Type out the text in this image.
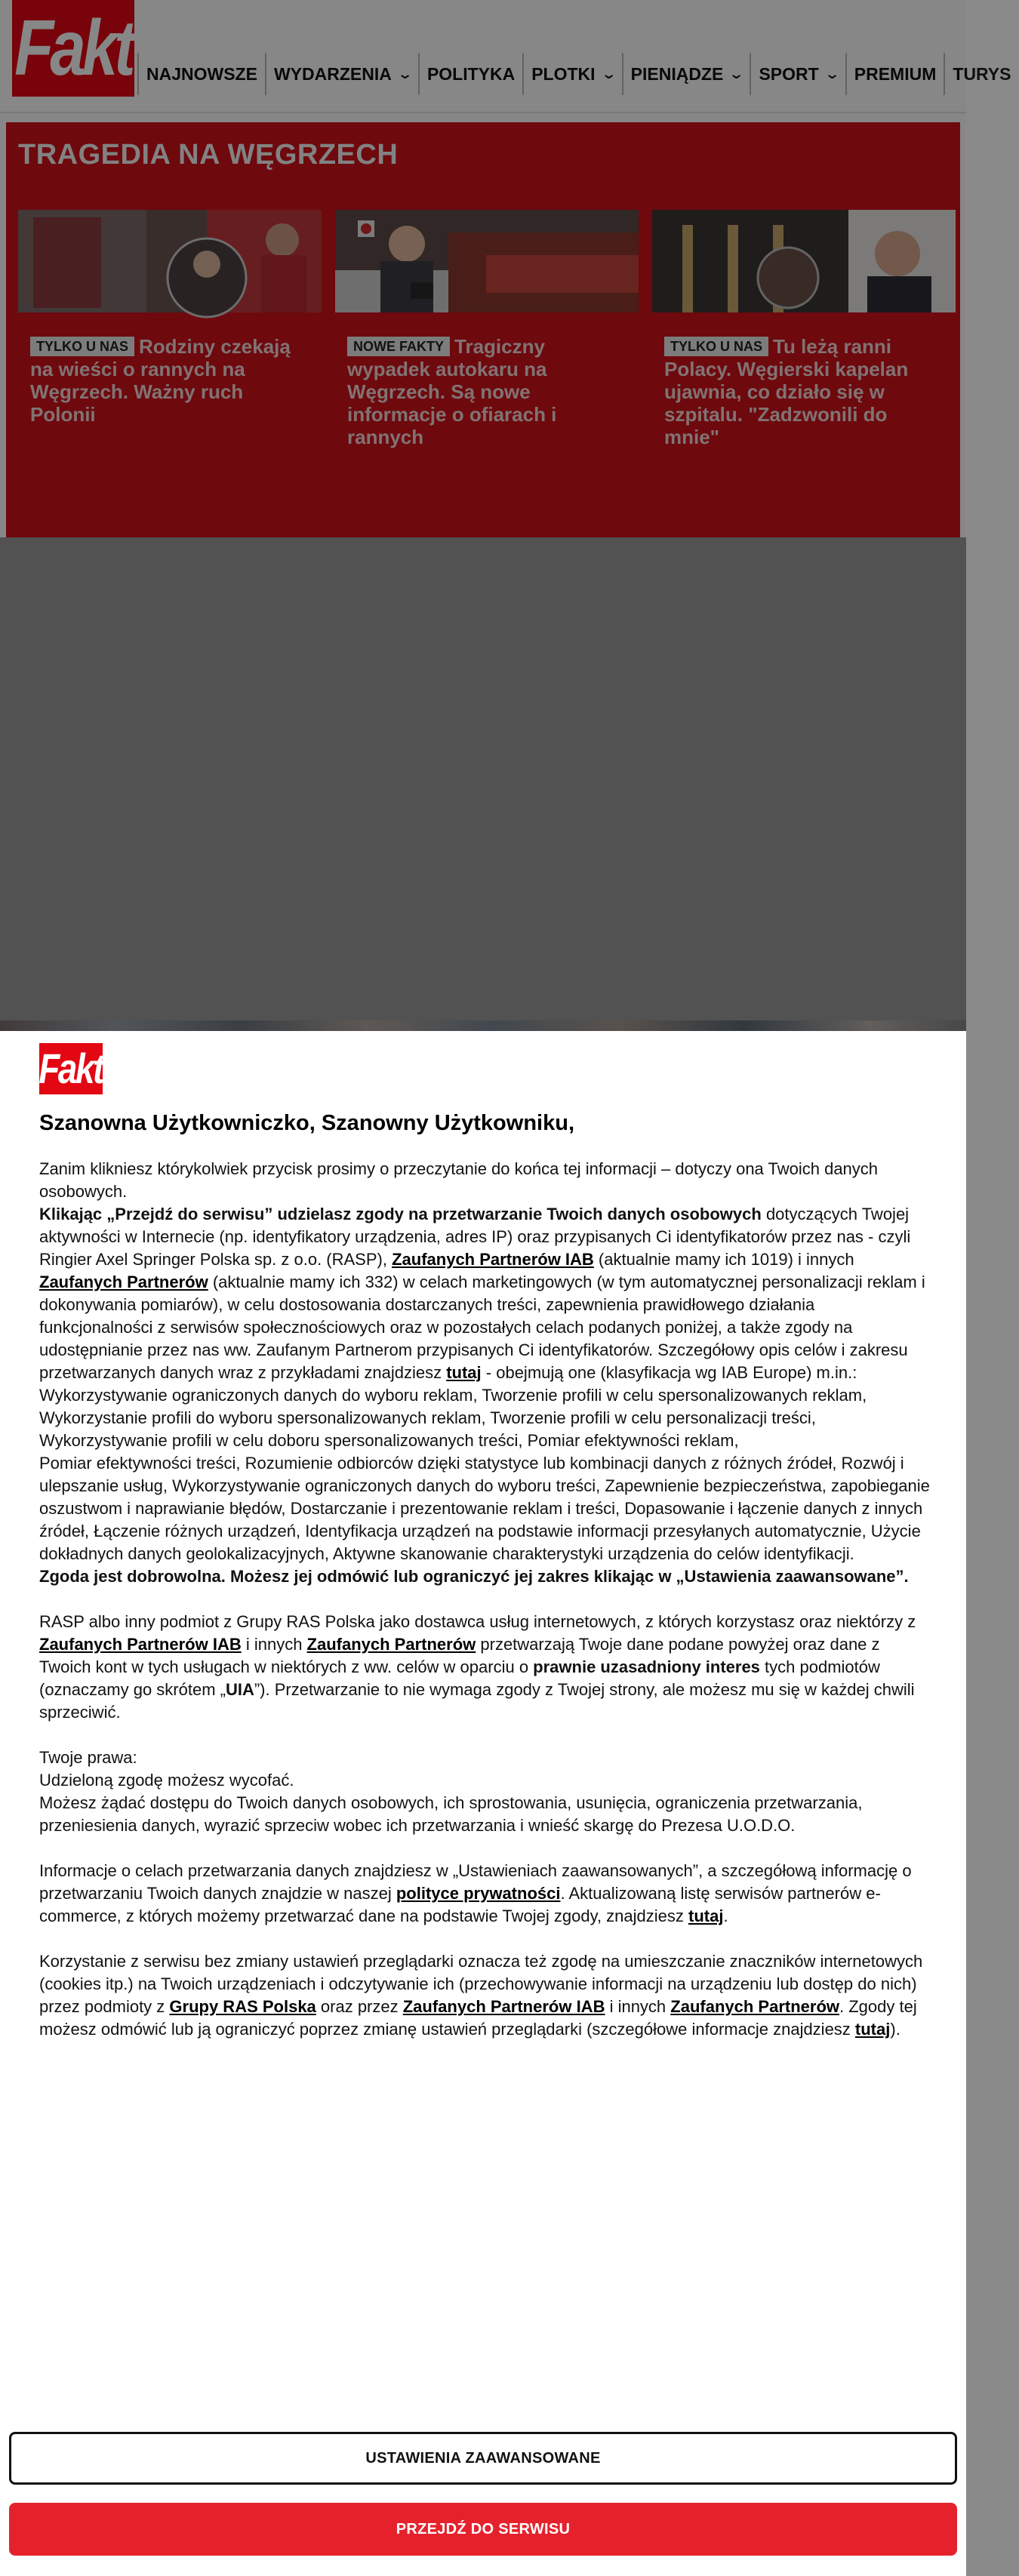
Fakt NAJNOWSZE WYDARZENIA ⌄ POLITYKA PLOTKI ⌄ PIENIĄDZE ⌄ SPORT ⌄ PREMIUM TURYS
TRAGEDIA NA WĘGRZECH
TYLKO U NAS Rodziny czekają na wieści o rannych na Węgrzech. Ważny ruch Polonii
NOWE FAKTY Tragiczny wypadek autokaru na Węgrzech. Są nowe informacje o ofiarach i rannych
TYLKO U NAS Tu leżą ranni Polacy. Węgierski kapelan ujawnia, co działo się w szpitalu. "Zadzwonili do mnie"
Fakt
Szanowna Użytkowniczko, Szanowny Użytkowniku,

Zanim klikniesz którykolwiek przycisk prosimy o przeczytanie do końca tej informacji – dotyczy ona Twoich danych osobowych.

Klikając „Przejdź do serwisu” udzielasz zgody na przetwarzanie Twoich danych osobowych dotyczących Twojej aktywności w Internecie (np. identyfikatory urządzenia, adres IP) oraz przypisanych Ci identyfikatorów przez nas - czyli Ringier Axel Springer Polska sp. z o.o. (RASP), Zaufanych Partnerów IAB (aktualnie mamy ich 1019) i innych Zaufanych Partnerów (aktualnie mamy ich 332) w celach marketingowych (w tym automatycznej personalizacji reklam i dokonywania pomiarów), w celu dostosowania dostarczanych treści, zapewnienia prawidłowego działania funkcjonalności z serwisów społecznościowych oraz w pozostałych celach podanych poniżej, a także zgody na udostępnianie przez nas ww. Zaufanym Partnerom przypisanych Ci identyfikatorów. Szczegółowy opis celów i zakresu przetwarzanych danych wraz z przykładami znajdziesz tutaj - obejmują one (klasyfikacja wg IAB Europe) m.in.: Wykorzystywanie ograniczonych danych do wyboru reklam, Tworzenie profili w celu spersonalizowanych reklam, Wykorzystanie profili do wyboru spersonalizowanych reklam, Tworzenie profili w celu personalizacji treści, Wykorzystywanie profili w celu doboru spersonalizowanych treści, Pomiar efektywności reklam,

Pomiar efektywności treści, Rozumienie odbiorców dzięki statystyce lub kombinacji danych z różnych źródeł, Rozwój i ulepszanie usług, Wykorzystywanie ograniczonych danych do wyboru treści, Zapewnienie bezpieczeństwa, zapobieganie oszustwom i naprawianie błędów, Dostarczanie i prezentowanie reklam i treści, Dopasowanie i łączenie danych z innych źródeł, Łączenie różnych urządzeń, Identyfikacja urządzeń na podstawie informacji przesyłanych automatycznie, Użycie dokładnych danych geolokalizacyjnych, Aktywne skanowanie charakterystyki urządzenia do celów identyfikacji.

Zgoda jest dobrowolna. Możesz jej odmówić lub ograniczyć jej zakres klikając w „Ustawienia zaawansowane”.

RASP albo inny podmiot z Grupy RAS Polska jako dostawca usług internetowych, z których korzystasz oraz niektórzy z Zaufanych Partnerów IAB i innych Zaufanych Partnerów przetwarzają Twoje dane podane powyżej oraz dane z Twoich kont w tych usługach w niektórych z ww. celów w oparciu o prawnie uzasadniony interes tych podmiotów (oznaczamy go skrótem „UIA”). Przetwarzanie to nie wymaga zgody z Twojej strony, ale możesz mu się w każdej chwili sprzeciwić.

Twoje prawa:

Udzieloną zgodę możesz wycofać.

Możesz żądać dostępu do Twoich danych osobowych, ich sprostowania, usunięcia, ograniczenia przetwarzania, przeniesienia danych, wyrazić sprzeciw wobec ich przetwarzania i wnieść skargę do Prezesa U.O.D.O.

Informacje o celach przetwarzania danych znajdziesz w „Ustawieniach zaawansowanych”, a szczegółową informację o przetwarzaniu Twoich danych znajdzie w naszej polityce prywatności. Aktualizowaną listę serwisów partnerów e-commerce, z których możemy przetwarzać dane na podstawie Twojej zgody, znajdziesz tutaj.

Korzystanie z serwisu bez zmiany ustawień przeglądarki oznacza też zgodę na umieszczanie znaczników internetowych (cookies itp.) na Twoich urządzeniach i odczytywanie ich (przechowywanie informacji na urządzeniu lub dostęp do nich) przez podmioty z Grupy RAS Polska oraz przez Zaufanych Partnerów IAB i innych Zaufanych Partnerów. Zgody tej możesz odmówić lub ją ograniczyć poprzez zmianę ustawień przeglądarki (szczegółowe informacje znajdziesz tutaj).

USTAWIENIA ZAAWANSOWANE
PRZEJDŹ DO SERWISU
